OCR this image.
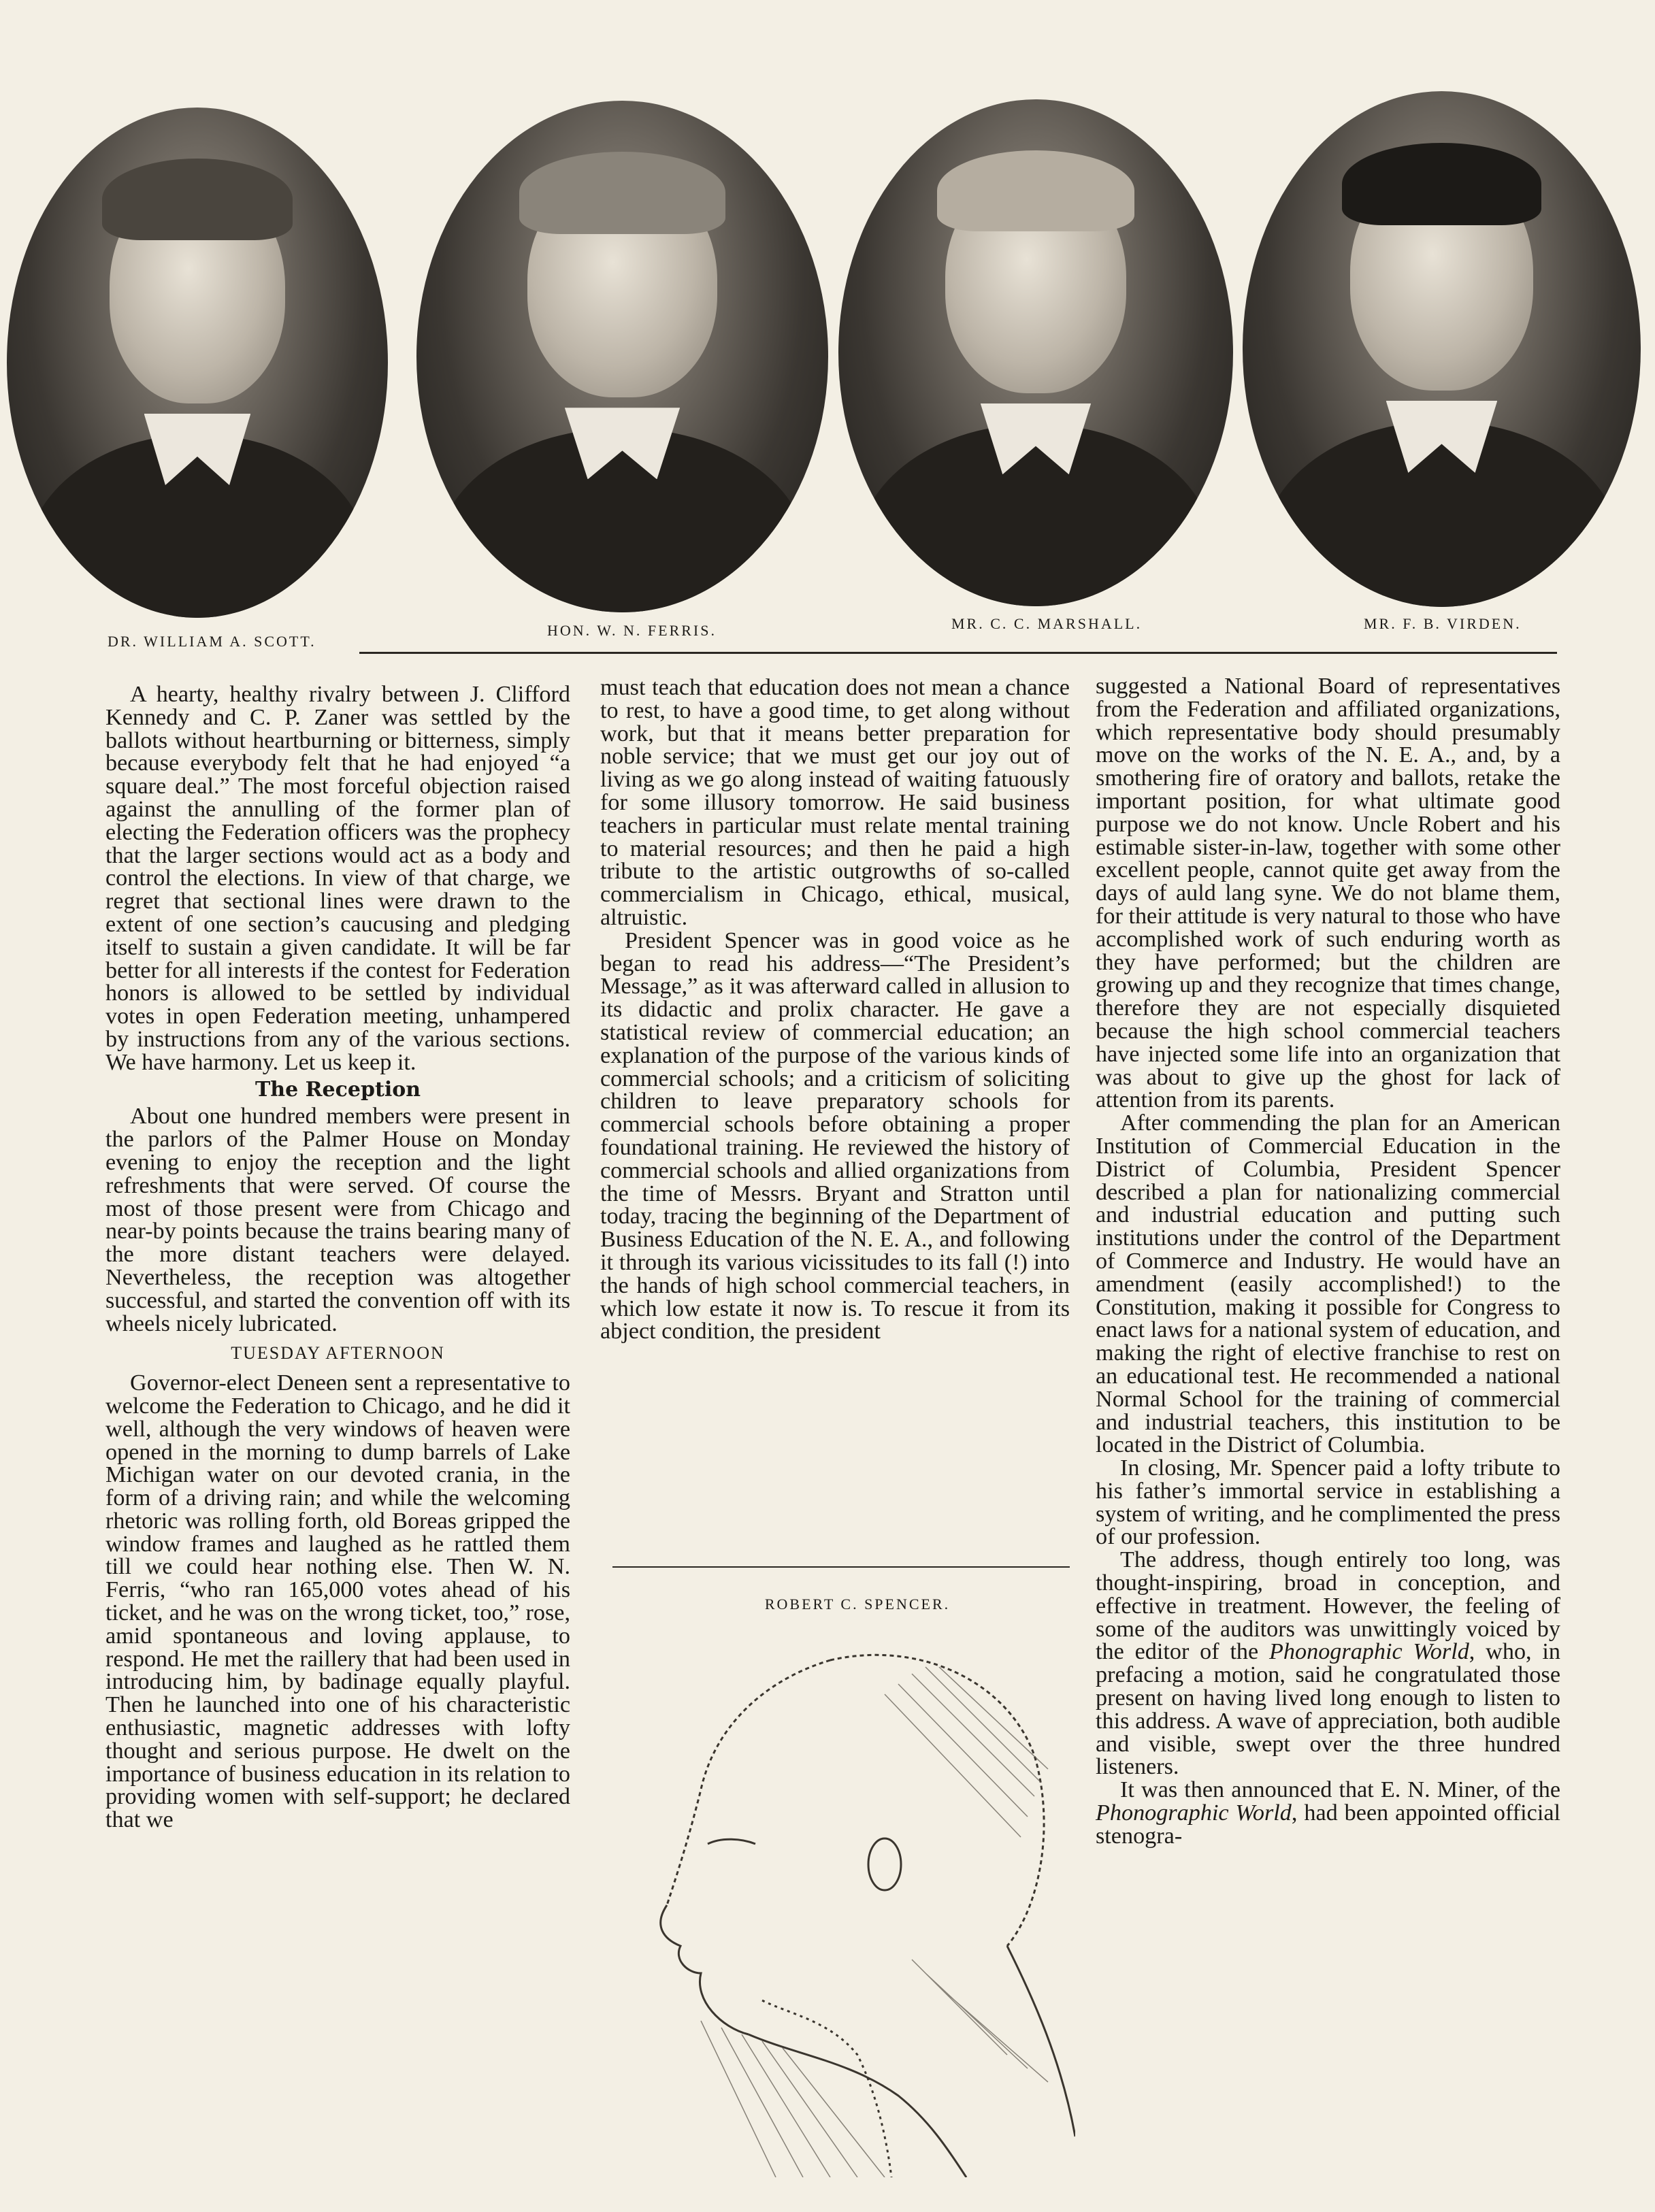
DR. WILLIAM A. SCOTT.
HON. W. N. FERRIS.	MR. C. C. MARSHALL.	MR. F. B. VIRDEN.

A hearty, healthy rivalry between J. Clifford Kennedy and C. P. Zaner was settled by the ballots without heartburning or bitterness, simply because everybody felt that he had enjoyed “a square deal.” The most forceful objection raised against the annulling of the former plan of electing the Federation officers was the prophecy that the larger sections would act as a body and control the elections. In view of that charge, we regret that sectional lines were drawn to the extent of one section’s caucusing and pledging itself to sustain a given candidate. It will be far better for all interests if the contest for Federation honors is allowed to be settled by individual votes in open Federation meeting, unhampered by instructions from any of the various sections. We have harmony. Let us keep it.

The Reception

About one hundred members were present in the parlors of the Palmer House on Monday evening to enjoy the reception and the light refreshments that were served. Of course the most of those present were from Chicago and near-by points because the trains bearing many of the more distant teachers were delayed. Nevertheless, the reception was altogether successful, and started the convention off with its wheels nicely lubricated.

TUESDAY AFTERNOON

Governor-elect Deneen sent a representative to welcome the Federation to Chicago, and he did it well, although the very windows of heaven were opened in the morning to dump barrels of Lake Michigan water on our devoted crania, in the form of a driving rain; and while the welcoming rhetoric was rolling forth, old Boreas gripped the window frames and laughed as he rattled them till we could hear nothing else. Then W. N. Ferris, “who ran 165,000 votes ahead of his ticket, and he was on the wrong ticket, too,” rose, amid spontaneous and loving applause, to respond. He met the raillery that had been used in introducing him, by badinage equally playful. Then he launched into one of his characteristic enthusiastic, magnetic addresses with lofty thought and serious purpose. He dwelt on the importance of business education in its relation to providing women with self-support; he declared that we

must teach that education does not mean a chance to rest, to have a good time, to get along without work, but that it means better preparation for noble service; that we must get our joy out of living as we go along instead of waiting fatuously for some illusory tomorrow. He said business teachers in particular must relate mental training to material resources; and then he paid a high tribute to the artistic outgrowths of so-called commercialism in Chicago, ethical, musical, altruistic.

President Spencer was in good voice as he began to read his address—“The President’s Message,” as it was afterward called in allusion to its didactic and prolix character. He gave a statistical review of commercial education; an explanation of the purpose of the various kinds of commercial schools; and a criticism of soliciting children to leave preparatory schools for commercial schools before obtaining a proper foundational training. He reviewed the history of commercial schools and allied organizations from the time of Messrs. Bryant and Stratton until today, tracing the beginning of the Department of Business Education of the N. E. A., and following it through its various vicissitudes to its fall (!) into the hands of high school commercial teachers, in which low estate it now is. To rescue it from its abject condition, the president

ROBERT C. SPENCER.

suggested a National Board of representatives from the Federation and affiliated organizations, which representative body should presumably move on the works of the N. E. A., and, by a smothering fire of oratory and ballots, retake the important position, for what ultimate good purpose we do not know. Uncle Robert and his estimable sister-in-law, together with some other excellent people, cannot quite get away from the days of auld lang syne. We do not blame them, for their attitude is very natural to those who have accomplished work of such enduring worth as they have performed; but the children are growing up and they recognize that times change, therefore they are not especially disquieted because the high school commercial teachers have injected some life into an organization that was about to give up the ghost for lack of attention from its parents.

After commending the plan for an American Institution of Commercial Education in the District of Columbia, President Spencer described a plan for nationalizing commercial and industrial education and putting such institutions under the control of the Department of Commerce and Industry. He would have an amendment (easily accomplished!) to the Constitution, making it possible for Congress to enact laws for a national system of education, and making the right of elective franchise to rest on an educational test. He recommended a national Normal School for the training of commercial and industrial teachers, this institution to be located in the District of Columbia.

In closing, Mr. Spencer paid a lofty tribute to his father’s immortal service in establishing a system of writing, and he complimented the press of our profession.

The address, though entirely too long, was thought-inspiring, broad in conception, and effective in treatment. However, the feeling of some of the auditors was unwittingly voiced by the editor of the Phonographic World, who, in prefacing a motion, said he congratulated those present on having lived long enough to listen to this address. A wave of appreciation, both audible and visible, swept over the three hundred listeners.

It was then announced that E. N. Miner, of the Phonographic World, had been appointed official stenogra-
